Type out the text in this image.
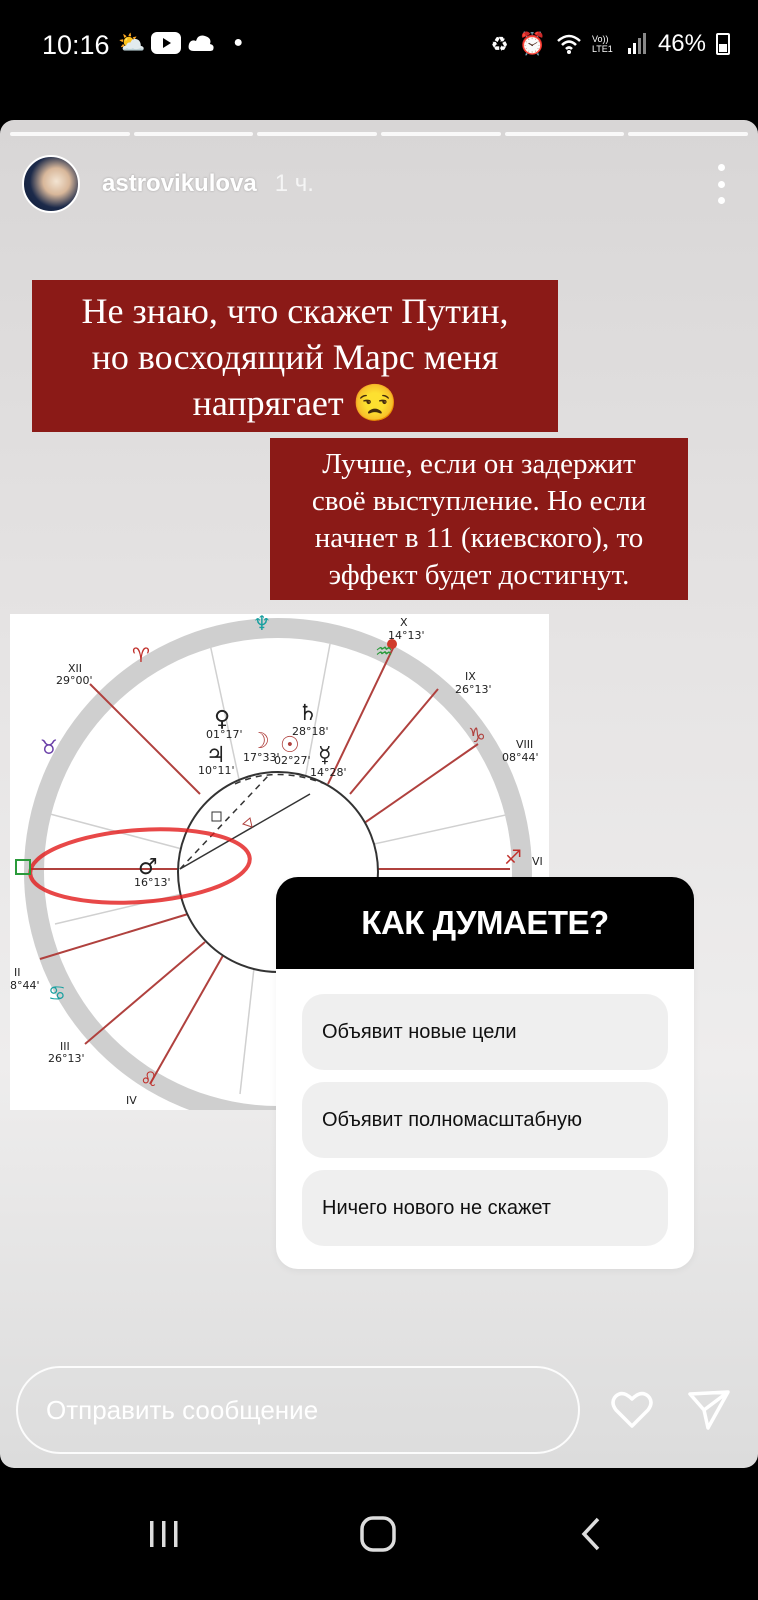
10:16 ⛅	●	♻ ⏰	Vo)) LTE1 46%
astrovikulova 1 ч.
Не знаю, что скажет Путин,
но восходящий Марс меня
напрягает 😒
Лучше, если он задержит
своё выступление. Но если
начнет в 11 (киевского), то
эффект будет достигнут.
♆
♈
♉
♒
♑
♋
♌
♐
X
14°13'
IX
26°13'
VIII
08°44'
VI
XII
29°00'
II
8°44'
III
26°13'
IV
♀
01°17'
♄
28°18'
♃
10°11'
☽
17°33' ☉
02°27' ☿
14°28'
♂
16°13'
КАК ДУМАЕТЕ?
Объявит новые цели
Объявит полномасштабную
Ничего нового не скажет
Отправить сообщение
